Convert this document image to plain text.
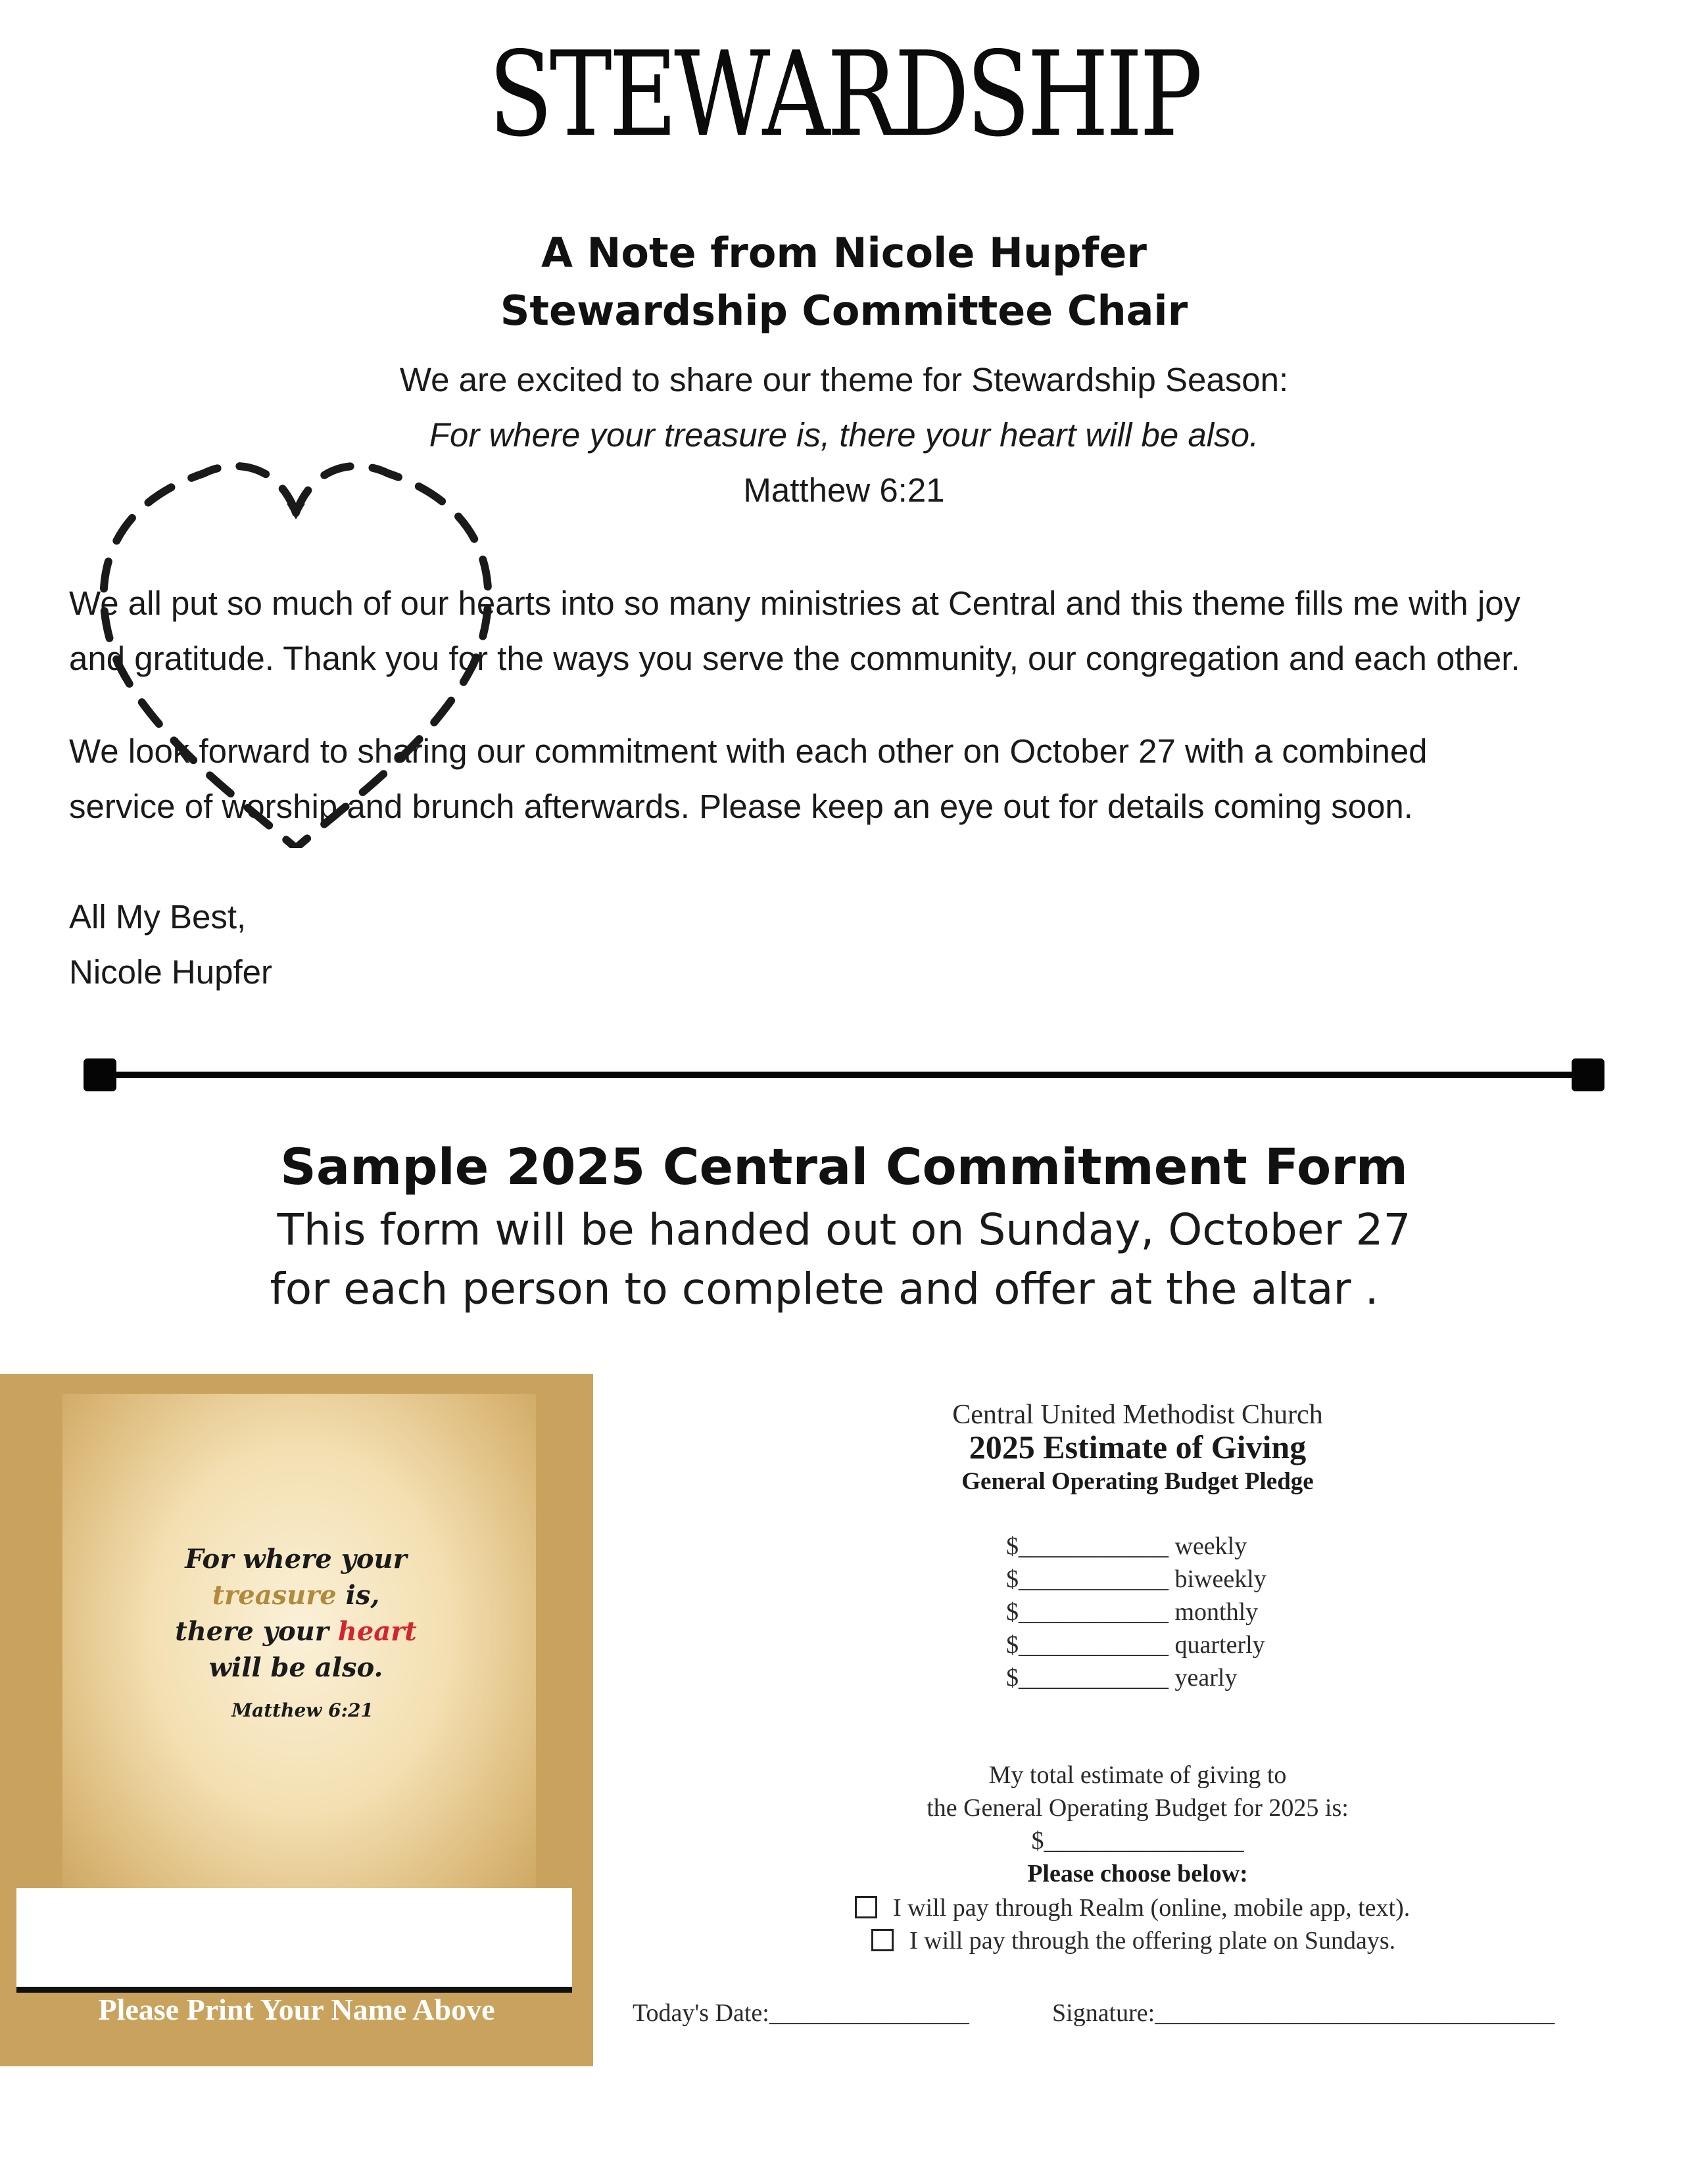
STEWARDSHIP
A Note from Nicole Hupfer
Stewardship Committee Chair
We are excited to share our theme for Stewardship Season:
For where your treasure is, there your heart will be also.
Matthew 6:21
We all put so much of our hearts into so many ministries at Central and this theme fills me with joy
and gratitude. Thank you for the ways you serve the community, our congregation and each other.
We look forward to sharing our commitment with each other on October 27 with a combined
service of worship and brunch afterwards. Please keep an eye out for details coming soon.
All My Best,
Nicole Hupfer
Sample 2025 Central Commitment Form
This form will be handed out on Sunday, October 27
for each person to complete and offer at the altar .
For where your
treasure is,
there your heart
will be also.
Matthew 6:21
Please Print Your Name Above
Central United Methodist Church
2025 Estimate of Giving
General Operating Budget Pledge
$____________ weekly
$____________ biweekly
$____________ monthly
$____________ quarterly
$____________ yearly
My total estimate of giving to
the General Operating Budget for 2025 is:
$________________
Please choose below:
I will pay through Realm (online, mobile app, text).
I will pay through the offering plate on Sundays.
Today's Date:________________	Signature:________________________________
